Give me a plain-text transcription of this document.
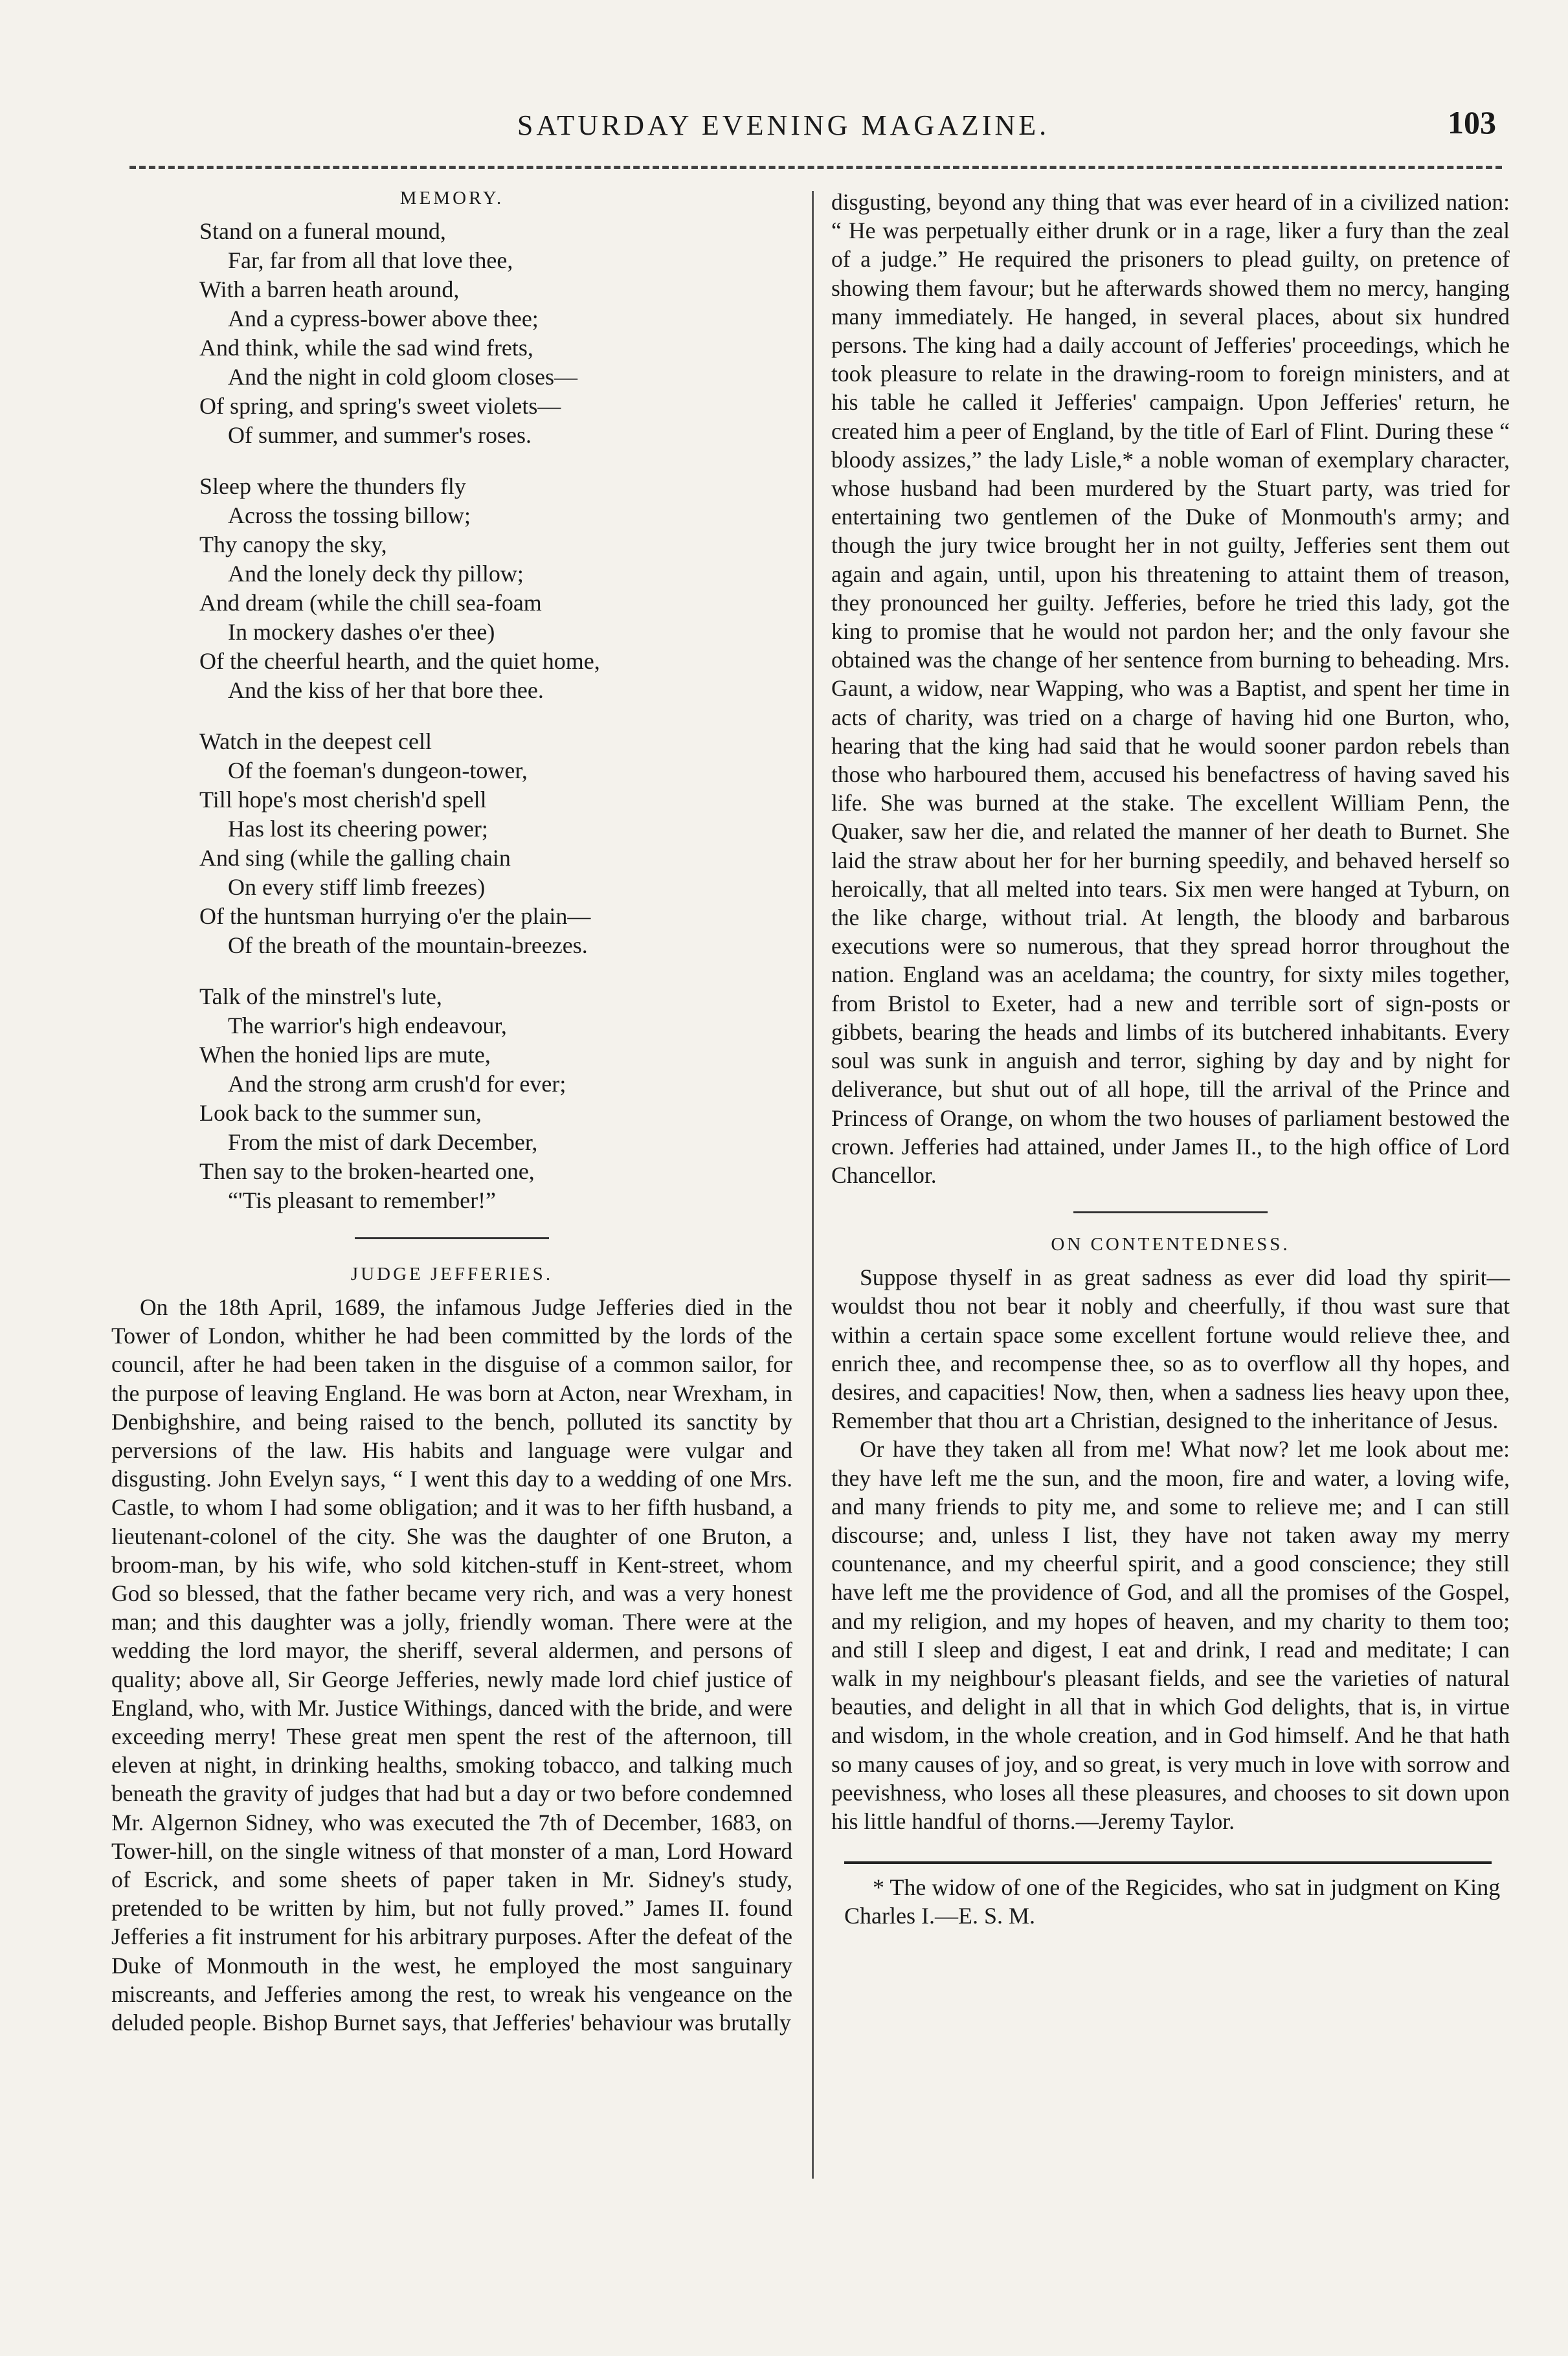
SATURDAY EVENING MAGAZINE.	103
MEMORY.
Stand on a funeral mound,
Far, far from all that love thee,
With a barren heath around,
And a cypress-bower above thee;
And think, while the sad wind frets,
And the night in cold gloom closes—
Of spring, and spring's sweet violets—
Of summer, and summer's roses.
Sleep where the thunders fly
Across the tossing billow;
Thy canopy the sky,
And the lonely deck thy pillow;
And dream (while the chill sea-foam
In mockery dashes o'er thee)
Of the cheerful hearth, and the quiet home,
And the kiss of her that bore thee.
Watch in the deepest cell
Of the foeman's dungeon-tower,
Till hope's most cherish'd spell
Has lost its cheering power;
And sing (while the galling chain
On every stiff limb freezes)
Of the huntsman hurrying o'er the plain—
Of the breath of the mountain-breezes.
Talk of the minstrel's lute,
The warrior's high endeavour,
When the honied lips are mute,
And the strong arm crush'd for ever;
Look back to the summer sun,
From the mist of dark December,
Then say to the broken-hearted one,
“'Tis pleasant to remember!”
JUDGE JEFFERIES.

On the 18th April, 1689, the infamous Judge Jefferies died in the Tower of London, whither he had been committed by the lords of the council, after he had been taken in the disguise of a common sailor, for the purpose of leaving England. He was born at Acton, near Wrexham, in Denbighshire, and being raised to the bench, polluted its sanctity by perversions of the law. His habits and language were vulgar and disgusting. John Evelyn says, “ I went this day to a wedding of one Mrs. Castle, to whom I had some obligation; and it was to her fifth husband, a lieutenant-colonel of the city. She was the daughter of one Bruton, a broom-man, by his wife, who sold kitchen-stuff in Kent-street, whom God so blessed, that the father became very rich, and was a very honest man; and this daughter was a jolly, friendly woman. There were at the wedding the lord mayor, the sheriff, several aldermen, and persons of quality; above all, Sir George Jefferies, newly made lord chief justice of England, who, with Mr. Justice Withings, danced with the bride, and were exceeding merry! These great men spent the rest of the afternoon, till eleven at night, in drinking healths, smoking tobacco, and talking much beneath the gravity of judges that had but a day or two before condemned Mr. Algernon Sidney, who was executed the 7th of December, 1683, on Tower-hill, on the single witness of that monster of a man, Lord Howard of Escrick, and some sheets of paper taken in Mr. Sidney's study, pretended to be written by him, but not fully proved.” James II. found Jefferies a fit instrument for his arbitrary purposes. After the defeat of the Duke of Monmouth in the west, he employed the most sanguinary miscreants, and Jefferies among the rest, to wreak his vengeance on the deluded people. Bishop Burnet says, that Jefferies' behaviour was brutally

disgusting, beyond any thing that was ever heard of in a civilized nation: “ He was perpetually either drunk or in a rage, liker a fury than the zeal of a judge.” He required the prisoners to plead guilty, on pretence of showing them favour; but he afterwards showed them no mercy, hanging many immediately. He hanged, in several places, about six hundred persons. The king had a daily account of Jefferies' proceedings, which he took pleasure to relate in the drawing-room to foreign ministers, and at his table he called it Jefferies' campaign. Upon Jefferies' return, he created him a peer of England, by the title of Earl of Flint. During these “ bloody assizes,” the lady Lisle,* a noble woman of exemplary character, whose husband had been murdered by the Stuart party, was tried for entertaining two gentlemen of the Duke of Monmouth's army; and though the jury twice brought her in not guilty, Jefferies sent them out again and again, until, upon his threatening to attaint them of treason, they pronounced her guilty. Jefferies, before he tried this lady, got the king to promise that he would not pardon her; and the only favour she obtained was the change of her sentence from burning to beheading. Mrs. Gaunt, a widow, near Wapping, who was a Baptist, and spent her time in acts of charity, was tried on a charge of having hid one Burton, who, hearing that the king had said that he would sooner pardon rebels than those who harboured them, accused his benefactress of having saved his life. She was burned at the stake. The excellent William Penn, the Quaker, saw her die, and related the manner of her death to Burnet. She laid the straw about her for her burning speedily, and behaved herself so heroically, that all melted into tears. Six men were hanged at Tyburn, on the like charge, without trial. At length, the bloody and barbarous executions were so numerous, that they spread horror throughout the nation. England was an aceldama; the country, for sixty miles together, from Bristol to Exeter, had a new and terrible sort of sign-posts or gibbets, bearing the heads and limbs of its butchered inhabitants. Every soul was sunk in anguish and terror, sighing by day and by night for deliverance, but shut out of all hope, till the arrival of the Prince and Princess of Orange, on whom the two houses of parliament bestowed the crown. Jefferies had attained, under James II., to the high office of Lord Chancellor.

ON CONTENTEDNESS.

Suppose thyself in as great sadness as ever did load thy spirit—wouldst thou not bear it nobly and cheerfully, if thou wast sure that within a certain space some excellent fortune would relieve thee, and enrich thee, and recompense thee, so as to overflow all thy hopes, and desires, and capacities! Now, then, when a sadness lies heavy upon thee, Remember that thou art a Christian, designed to the inheritance of Jesus.

Or have they taken all from me! What now? let me look about me: they have left me the sun, and the moon, fire and water, a loving wife, and many friends to pity me, and some to relieve me; and I can still discourse; and, unless I list, they have not taken away my merry countenance, and my cheerful spirit, and a good conscience; they still have left me the providence of God, and all the promises of the Gospel, and my religion, and my hopes of heaven, and my charity to them too; and still I sleep and digest, I eat and drink, I read and meditate; I can walk in my neighbour's pleasant fields, and see the varieties of natural beauties, and delight in all that in which God delights, that is, in virtue and wisdom, in the whole creation, and in God himself. And he that hath so many causes of joy, and so great, is very much in love with sorrow and peevishness, who loses all these pleasures, and chooses to sit down upon his little handful of thorns.—Jeremy Taylor.

* The widow of one of the Regicides, who sat in judgment on King Charles I.—E. S. M.
